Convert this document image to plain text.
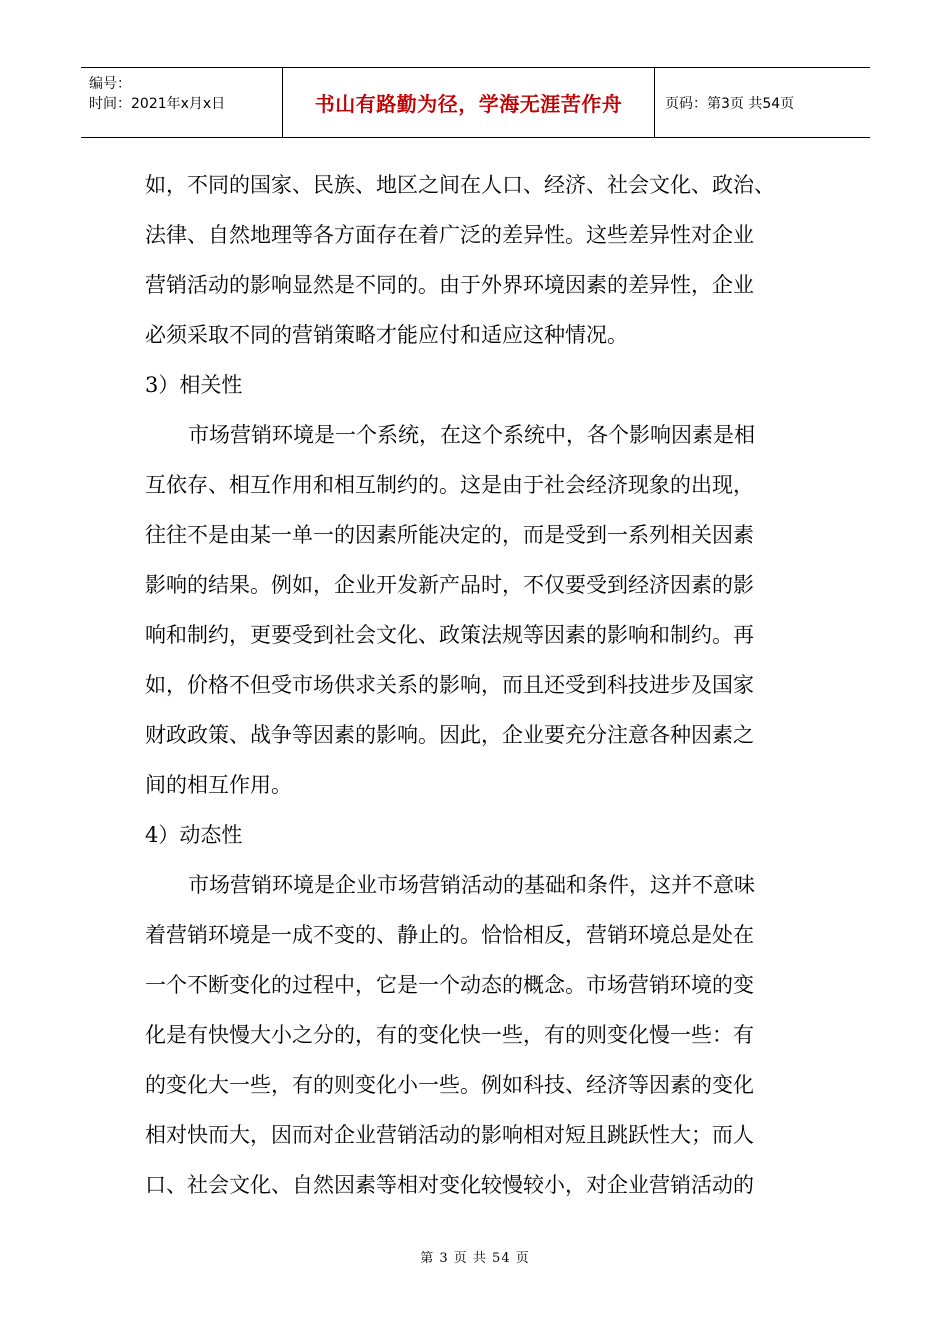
编号：
时间：2021年x月x日	书山有路勤为径，学海无涯苦作舟	页码：第3页 共54页

如，不同的国家、民族、地区之间在人口、经济、社会文化、政治、

法律、自然地理等各方面存在着广泛的差异性。这些差异性对企业

营销活动的影响显然是不同的。由于外界环境因素的差异性，企业

必须采取不同的营销策略才能应付和适应这种情况。

3）相关性

市场营销环境是一个系统，在这个系统中，各个影响因素是相

互依存、相互作用和相互制约的。这是由于社会经济现象的出现，

往往不是由某一单一的因素所能决定的，而是受到一系列相关因素

影响的结果。例如，企业开发新产品时，不仅要受到经济因素的影

响和制约，更要受到社会文化、政策法规等因素的影响和制约。再

如，价格不但受市场供求关系的影响，而且还受到科技进步及国家

财政政策、战争等因素的影响。因此，企业要充分注意各种因素之

间的相互作用。

4）动态性

市场营销环境是企业市场营销活动的基础和条件，这并不意味

着营销环境是一成不变的、静止的。恰恰相反，营销环境总是处在

一个不断变化的过程中，它是一个动态的概念。市场营销环境的变

化是有快慢大小之分的，有的变化快一些，有的则变化慢一些：有

的变化大一些，有的则变化小一些。例如科技、经济等因素的变化

相对快而大，因而对企业营销活动的影响相对短且跳跃性大；而人

口、社会文化、自然因素等相对变化较慢较小，对企业营销活动的

第 3 页 共 54 页
